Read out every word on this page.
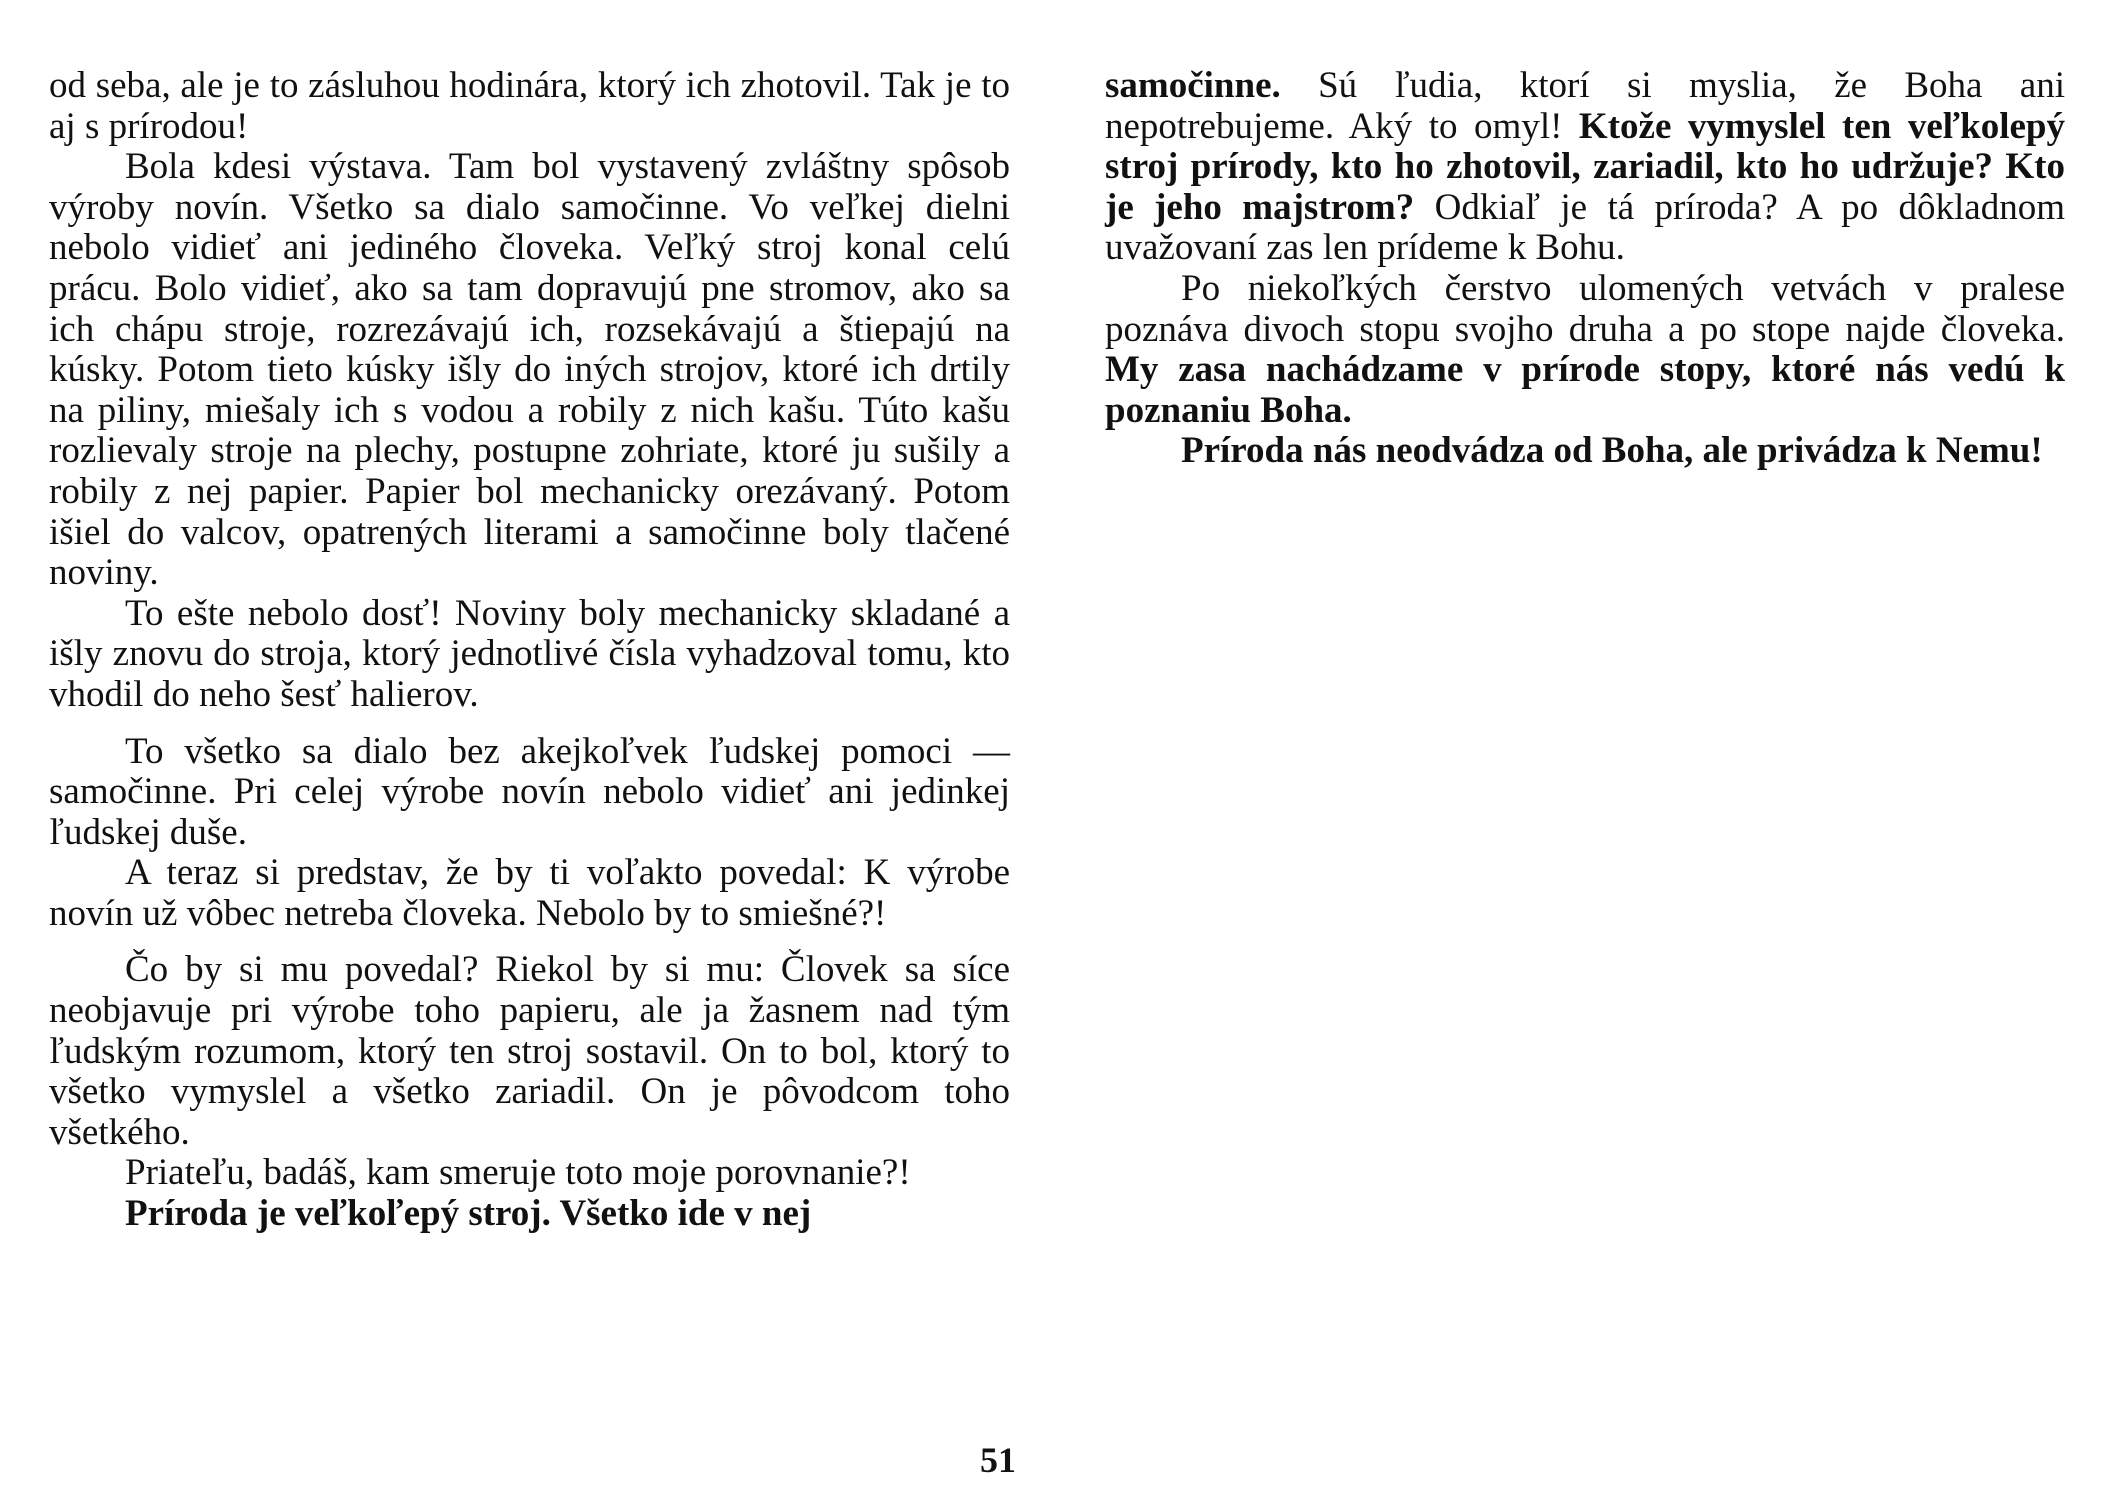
od seba, ale je to zásluhou hodinára, ktorý ich zhotovil. Tak je to aj s prírodou!

Bola kdesi výstava. Tam bol vystavený zvláštny spôsob výroby novín. Všetko sa dialo samočinne. Vo veľkej dielni nebolo vidieť ani jediného človeka. Veľký stroj konal celú prácu. Bolo vidieť, ako sa tam dopravujú pne stromov, ako sa ich chápu stroje, rozrezávajú ich, rozsekávajú a štiepajú na kúsky. Potom tieto kúsky išly do iných strojov, ktoré ich drtily na piliny, miešaly ich s vodou a robily z nich kašu. Túto kašu rozlievaly stroje na plechy, postupne zohriate, ktoré ju sušily a robily z nej papier. Papier bol mechanicky orezávaný. Potom išiel do valcov, opatrených literami a samočinne boly tlačené noviny.

To ešte nebolo dosť! Noviny boly mechanicky skladané a išly znovu do stroja, ktorý jednotlivé čísla vyhadzoval tomu, kto vhodil do neho šesť halierov.

To všetko sa dialo bez akejkoľvek ľudskej pomoci — samočinne. Pri celej výrobe novín nebolo vidieť ani jedinkej ľudskej duše.

A teraz si predstav, že by ti voľakto povedal: K výrobe novín už vôbec netreba človeka. Nebolo by to smiešné?!

Čo by si mu povedal? Riekol by si mu: Človek sa síce neobjavuje pri výrobe toho papieru, ale ja žasnem nad tým ľudským rozumom, ktorý ten stroj sostavil. On to bol, ktorý to všetko vymyslel a všetko zariadil. On je pôvodcom toho všetkého.

Priateľu, badáš, kam smeruje toto moje porovnanie?!

Príroda je veľkoľepý stroj. Všetko ide v nej

51

samočinne. Sú ľudia, ktorí si myslia, že Boha ani nepotrebujeme. Aký to omyl! Ktože vymyslel ten veľkolepý stroj prírody, kto ho zhotovil, zariadil, kto ho udržuje? Kto je jeho majstrom? Odkiaľ je tá príroda? A po dôkladnom uvažovaní zas len prídeme k Bohu.

Po niekoľkých čerstvo ulomených vetvách v pralese poznáva divoch stopu svojho druha a po stope najde človeka. My zasa nachádzame v prírode stopy, ktoré nás vedú k poznaniu Boha.

Príroda nás neodvádza od Boha, ale privádza k Nemu!
